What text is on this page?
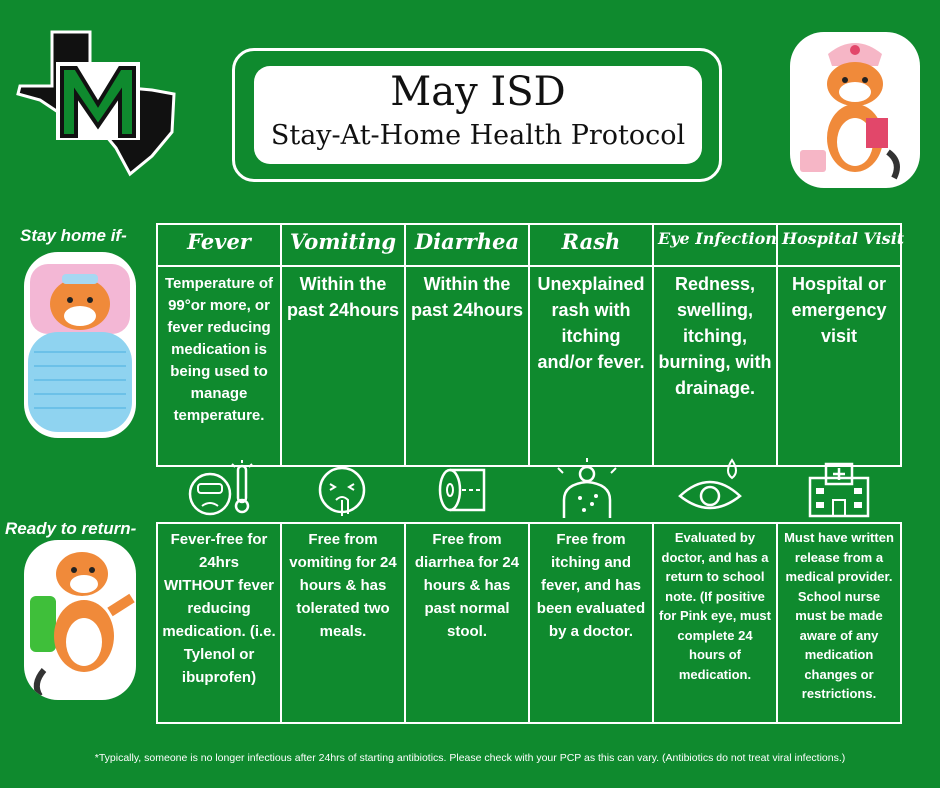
May ISD
Stay-At-Home Health Protocol
Stay home if-
Ready to return-
Fever	Vomiting	Diarrhea	Rash	Eye Infection	Hospital Visit
Temperature of 99°or more, or fever reducing medication is being used to manage temperature.	Within the past 24hours	Within the past 24hours	Unexplained rash with itching and/or fever.	Redness, swelling, itching, burning, with drainage.	Hospital or emergency visit
Fever-free for 24hrs WITHOUT fever reducing medication. (i.e. Tylenol or ibuprofen)	Free from vomiting for 24 hours & has tolerated two meals.	Free from diarrhea for 24 hours & has past normal stool.	Free from itching and fever, and has been evaluated by a doctor.	Evaluated by doctor, and has a return to school note. (If positive for Pink eye, must complete 24 hours of medication.	Must have written release from a medical provider. School nurse must be made aware of any medication changes or restrictions.
*Typically, someone is no longer infectious after 24hrs of starting antibiotics. Please check with your PCP as this can vary. (Antibiotics do not treat viral infections.)
